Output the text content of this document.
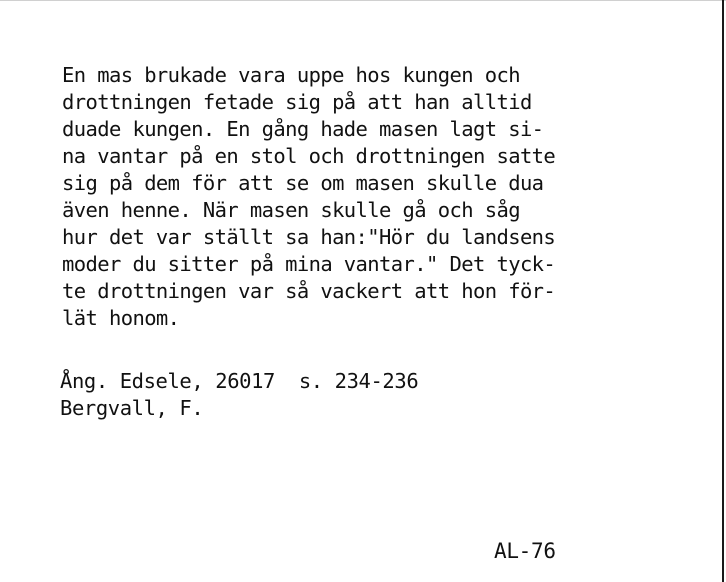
En mas brukade vara uppe hos kungen och
drottningen fetade sig på att han alltid
duade kungen. En gång hade masen lagt si-
na vantar på en stol och drottningen satte
sig på dem för att se om masen skulle dua
även henne. När masen skulle gå och såg
hur det var ställt sa han:"Hör du landsens
moder du sitter på mina vantar." Det tyck-
te drottningen var så vackert att hon för-
lät honom.
Ång. Edsele, 26017  s. 234-236
Bergvall, F.
AL-76
